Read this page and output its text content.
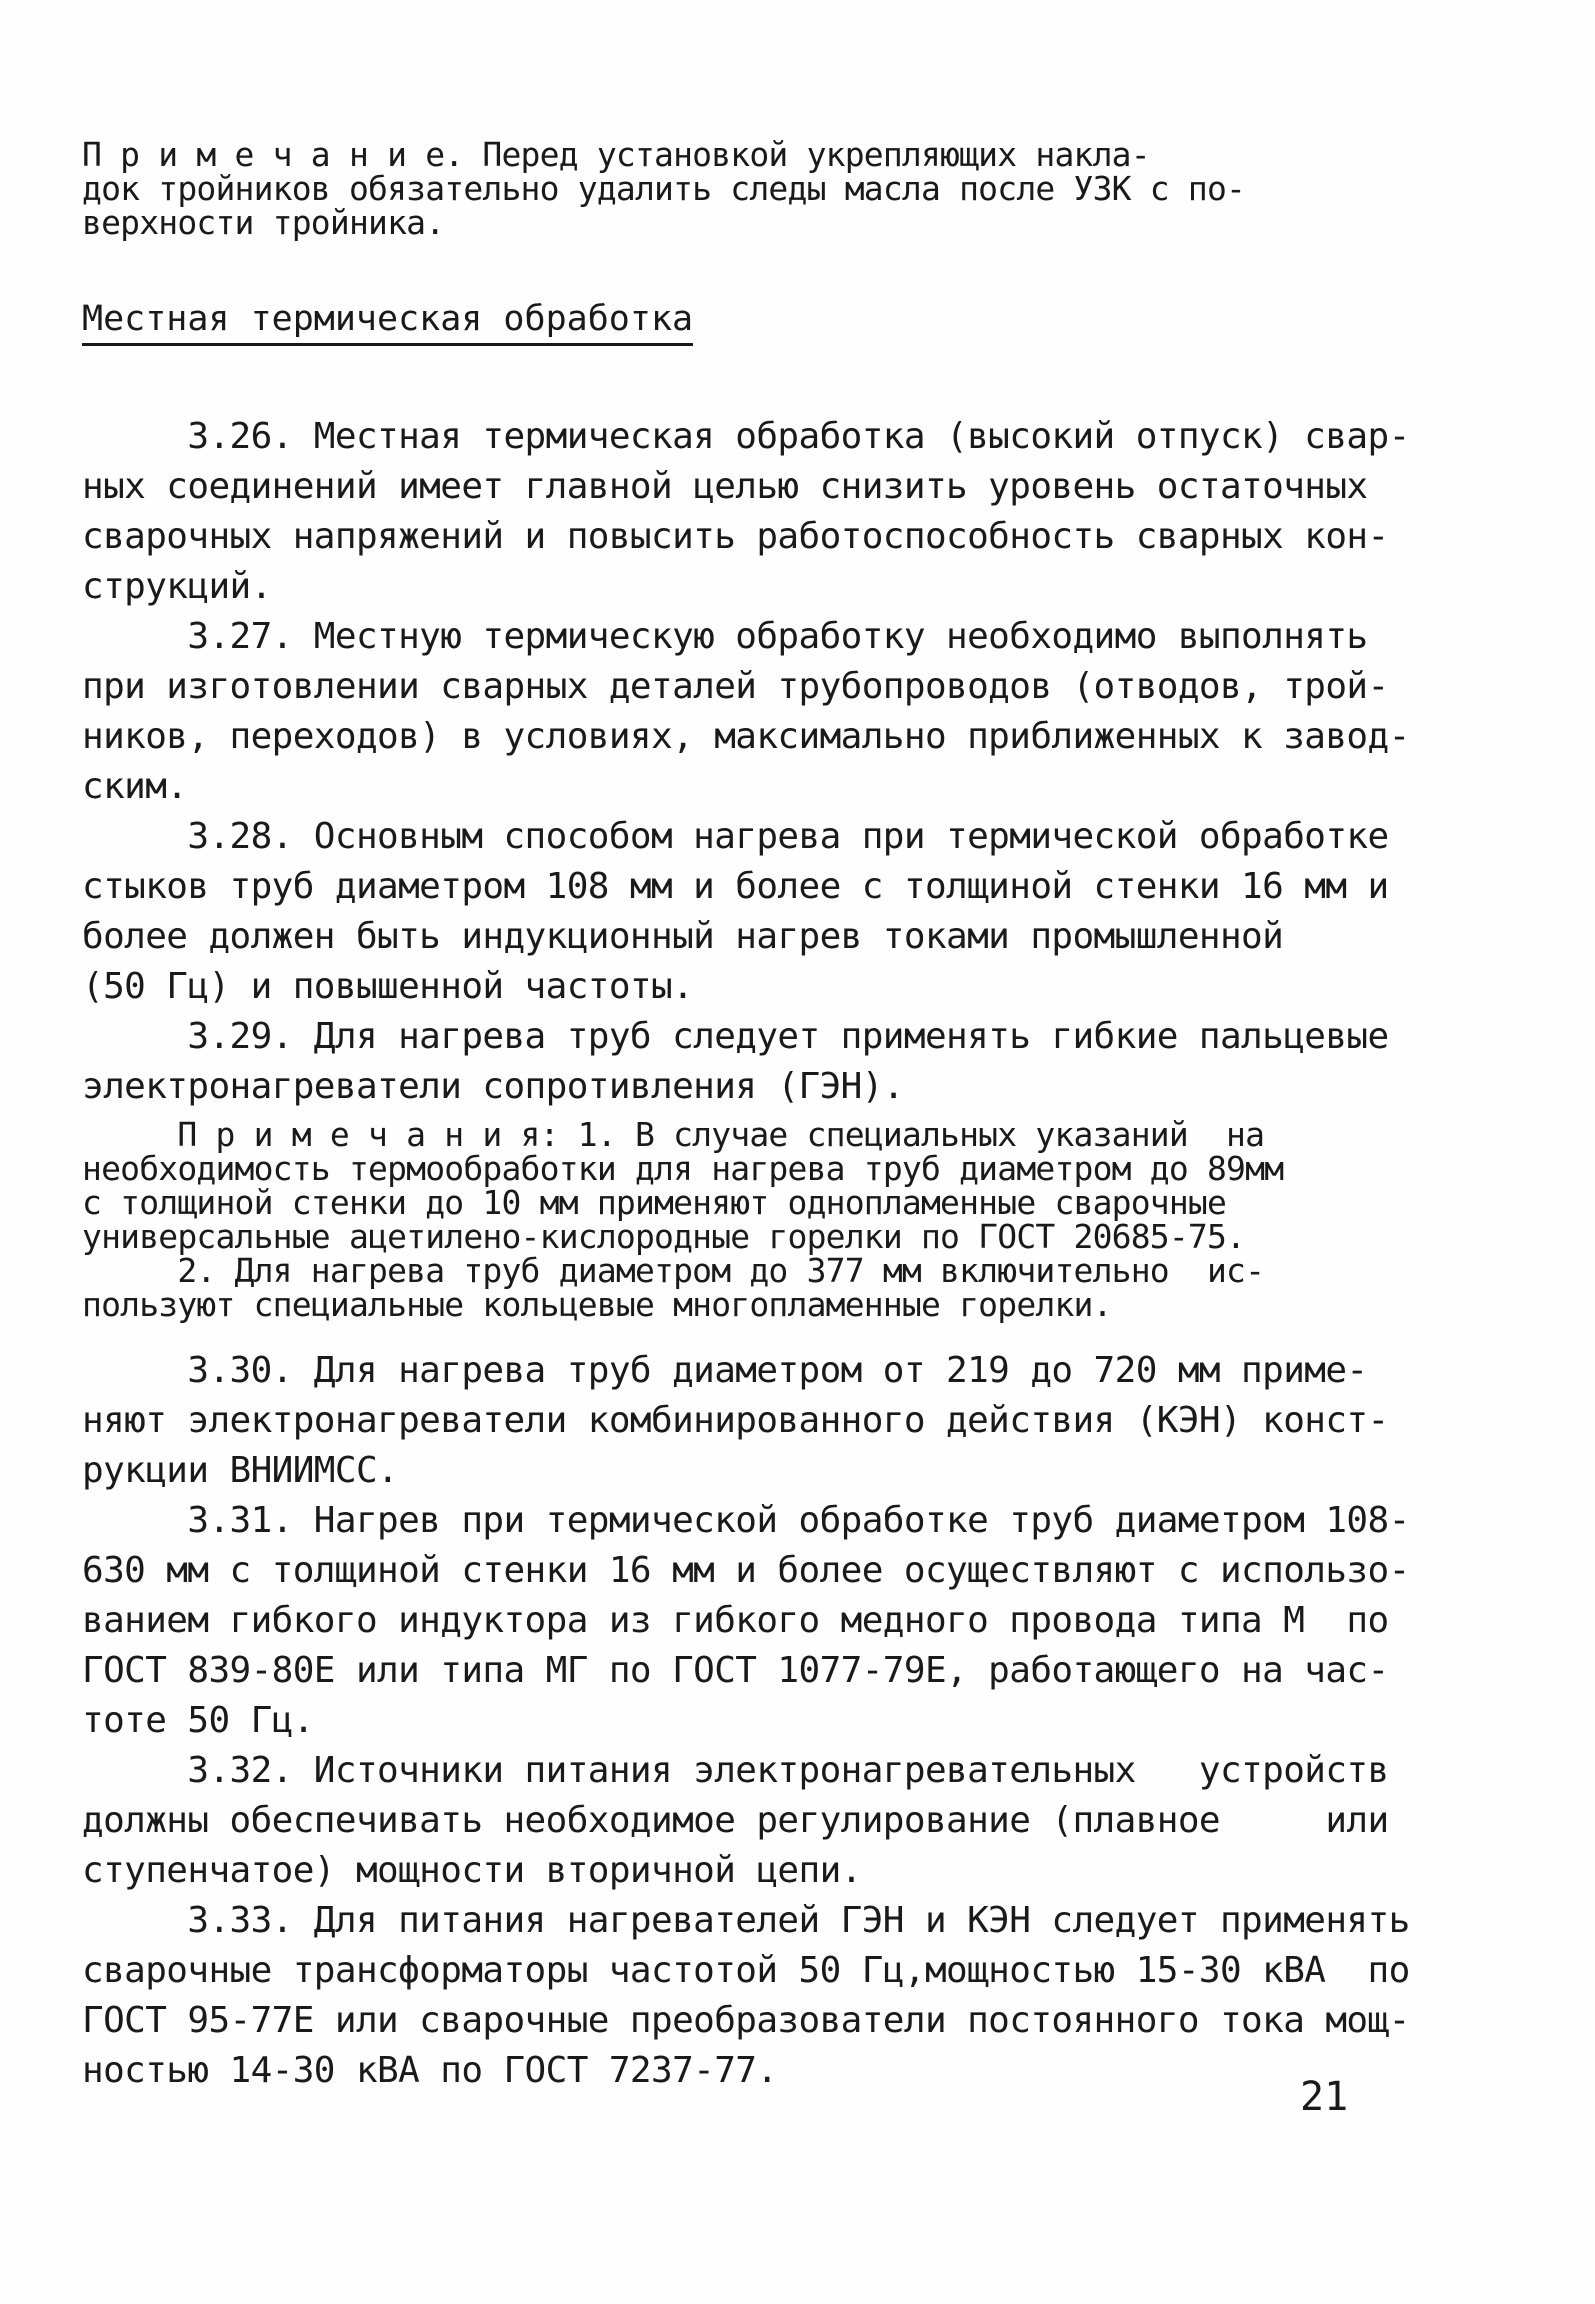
П р и м е ч а н и е. Перед установкой укрепляющих накла-
док тройников обязательно удалить следы масла после УЗК с по-
верхности тройника.
Местная термическая обработка
3.26. Местная термическая обработка (высокий отпуск) свар-
ных соединений имеет главной целью снизить уровень остаточных
сварочных напряжений и повысить работоспособность сварных кон-
струкций.
3.27. Местную термическую обработку необходимо выполнять
при изготовлении сварных деталей трубопроводов (отводов, трой-
ников, переходов) в условиях, максимально приближенных к завод-
ским.
3.28. Основным способом нагрева при термической обработке
стыков труб диаметром 108 мм и более с толщиной стенки 16 мм и
более должен быть индукционный нагрев токами промышленной
(50 Гц) и повышенной частоты.
3.29. Для нагрева труб следует применять гибкие пальцевые
электронагреватели сопротивления (ГЭН).
П р и м е ч а н и я: 1. В случае специальных указаний  на
необходимость термообработки для нагрева труб диаметром до 89мм
с толщиной стенки до 10 мм применяют однопламенные сварочные
универсальные ацетилено-кислородные горелки по ГОСТ 20685-75.
2. Для нагрева труб диаметром до 377 мм включительно  ис-
пользуют специальные кольцевые многопламенные горелки.
3.30. Для нагрева труб диаметром от 219 до 720 мм приме-
няют электронагреватели комбинированного действия (КЭН) конст-
рукции ВНИИМСС.
3.31. Нагрев при термической обработке труб диаметром 108-
630 мм с толщиной стенки 16 мм и более осуществляют с использо-
ванием гибкого индуктора из гибкого медного провода типа М  по
ГОСТ 839-80Е или типа МГ по ГОСТ 1077-79Е, работающего на час-
тоте 50 Гц.
3.32. Источники питания электронагревательных   устройств
должны обеспечивать необходимое регулирование (плавное     или
ступенчатое) мощности вторичной цепи.
3.33. Для питания нагревателей ГЭН и КЭН следует применять
сварочные трансформаторы частотой 50 Гц,мощностью 15-30 кВА  по
ГОСТ 95-77Е или сварочные преобразователи постоянного тока мощ-
ностью 14-30 кВА по ГОСТ 7237-77.
21
